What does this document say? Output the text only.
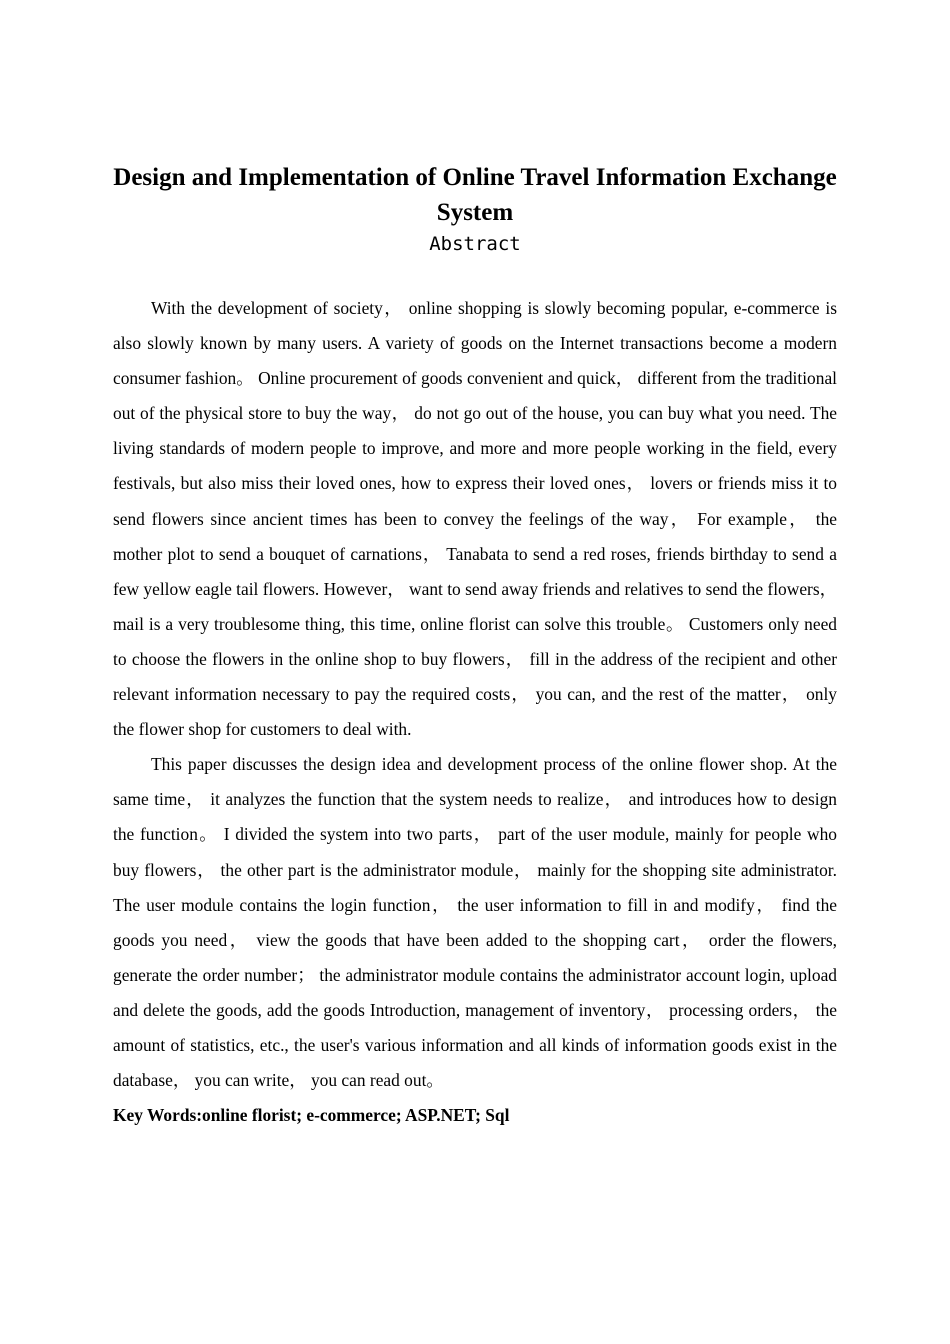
Design and Implementation of Online Travel Information Exchange System
Abstract

With the development of society， online shopping is slowly becoming popular, e-commerce is also slowly known by many users. A variety of goods on the Internet transactions become a modern consumer fashion。 Online procurement of goods convenient and quick， different from the traditional out of the physical store to buy the way， do not go out of the house, you can buy what you need. The living standards of modern people to improve, and more and more people working in the field, every festivals, but also miss their loved ones, how to express their loved ones， lovers or friends miss it to send flowers since ancient times has been to convey the feelings of the way， For example， the mother plot to send a bouquet of carnations， Tanabata to send a red roses, friends birthday to send a few yellow eagle tail flowers. However， want to send away friends and relatives to send the flowers， mail is a very troublesome thing, this time, online florist can solve this trouble。 Customers only need to choose the flowers in the online shop to buy flowers， fill in the address of the recipient and other relevant information necessary to pay the required costs， you can, and the rest of the matter， only the flower shop for customers to deal with.

This paper discusses the design idea and development process of the online flower shop. At the same time， it analyzes the function that the system needs to realize， and introduces how to design the function。 I divided the system into two parts， part of the user module, mainly for people who buy flowers， the other part is the administrator module， mainly for the shopping site administrator. The user module contains the login function， the user information to fill in and modify， find the goods you need， view the goods that have been added to the shopping cart， order the flowers, generate the order number； the administrator module contains the administrator account login, upload and delete the goods, add the goods Introduction, management of inventory， processing orders， the amount of statistics, etc., the user's various information and all kinds of information goods exist in the database， you can write， you can read out。

Key Words:online florist; e-commerce; ASP.NET; Sql
